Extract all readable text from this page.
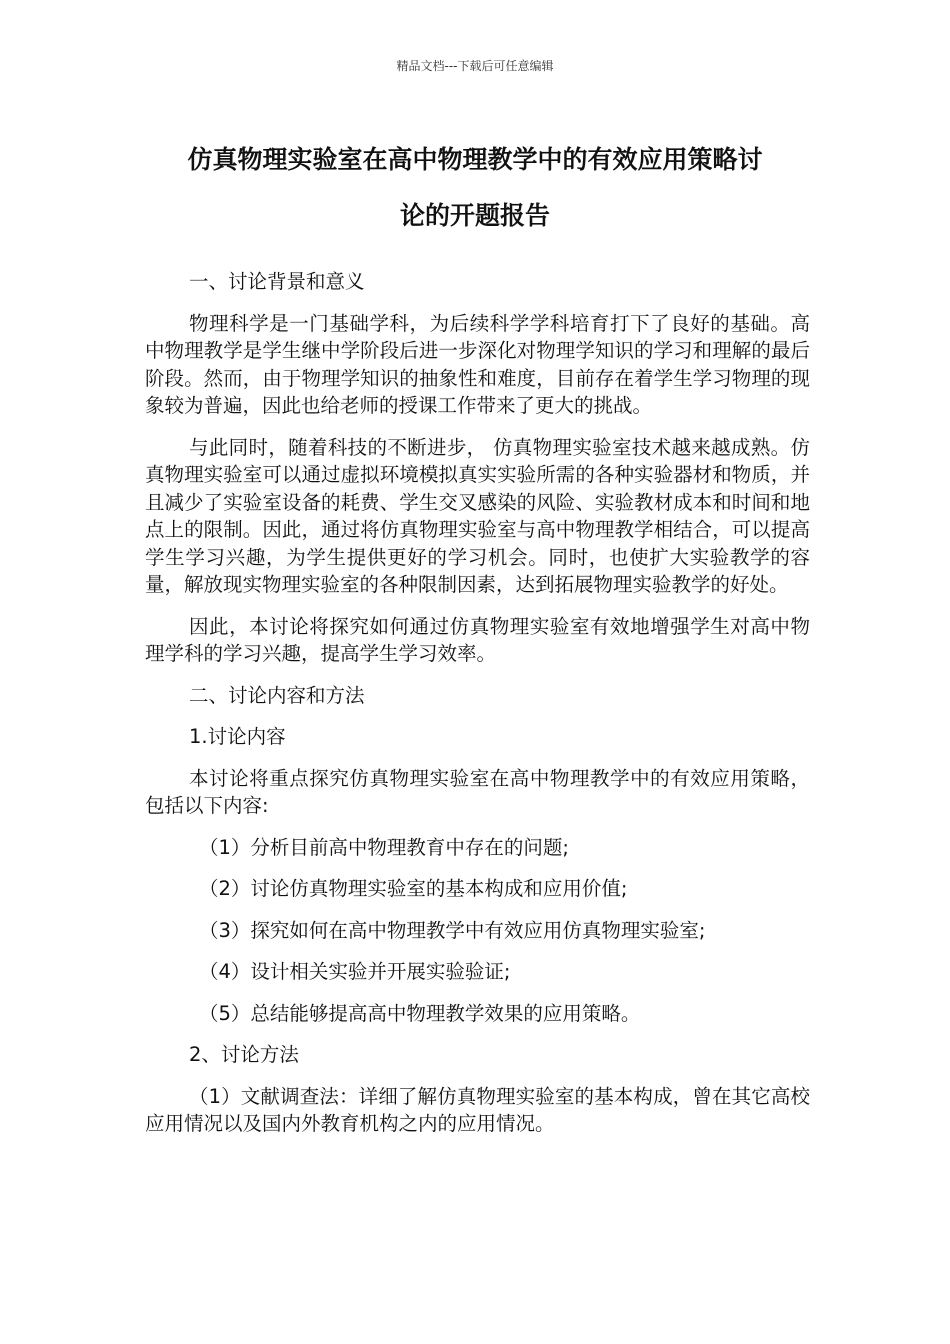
精品文档---下载后可任意编辑
仿真物理实验室在高中物理教学中的有效应用策略讨
论的开题报告
一、讨论背景和意义

物理科学是一门基础学科，为后续科学学科培育打下了良好的基础。高中物理教学是学生继中学阶段后进一步深化对物理学知识的学习和理解的最后阶段。然而，由于物理学知识的抽象性和难度，目前存在着学生学习物理的现象较为普遍，因此也给老师的授课工作带来了更大的挑战。

与此同时，随着科技的不断进步， 仿真物理实验室技术越来越成熟。仿真物理实验室可以通过虚拟环境模拟真实实验所需的各种实验器材和物质，并且减少了实验室设备的耗费、学生交叉感染的风险、实验教材成本和时间和地点上的限制。因此，通过将仿真物理实验室与高中物理教学相结合，可以提高学生学习兴趣，为学生提供更好的学习机会。同时，也使扩大实验教学的容量，解放现实物理实验室的各种限制因素，达到拓展物理实验教学的好处。

因此，本讨论将探究如何通过仿真物理实验室有效地增强学生对高中物理学科的学习兴趣，提高学生学习效率。

二、讨论内容和方法
1.讨论内容

本讨论将重点探究仿真物理实验室在高中物理教学中的有效应用策略，包括以下内容:

（1）分析目前高中物理教育中存在的问题;
（2）讨论仿真物理实验室的基本构成和应用价值;
（3）探究如何在高中物理教学中有效应用仿真物理实验室;
（4）设计相关实验并开展实验验证;
（5）总结能够提高高中物理教学效果的应用策略。
2、讨论方法

（1）文献调查法：详细了解仿真物理实验室的基本构成，曾在其它高校应用情况以及国内外教育机构之内的应用情况。
